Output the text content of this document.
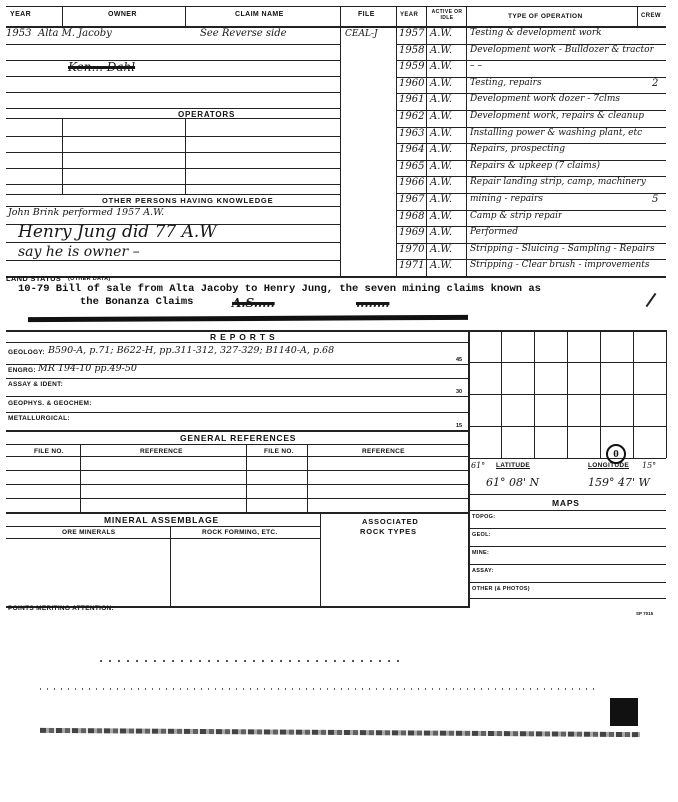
YEAR	OWNER	CLAIM NAME	FILE	YEAR	ACTIVE OR IDLE	TYPE OF OPERATION	CREW
1953 Alta M. Jacoby	See Reverse side	CEAL-J
Ken... Dahl
OPERATORS
OTHER PERSONS HAVING KNOWLEDGE
John Brink performed 1957 A.W.
Henry Jung did 77 A.W
say he is owner –
1957 A.W. Testing & development work
1958 A.W. Development work - Bulldozer & tractor
1959 A.W. – –
1960 A.W. Testing, repairs	2
1961 A.W. Development work dozer - 7clms
1962 A.W. Development work, repairs & cleanup
1963 A.W. Installing power & washing plant, etc
1964 A.W. Repairs, prospecting
1965 A.W. Repairs & upkeep (7 claims)
1966 A.W. Repair landing strip, camp, machinery
1967 A.W. mining - repairs	5
1968 A.W. Camp & strip repair
1969 A.W. Performed
1970 A.W. Stripping - Sluicing - Sampling - Repairs
1971 A.W. Stripping - Clear brush - improvements
LAND STATUS (OTHER DATA)
10-79 Bill of sale from Alta Jacoby to Henry Jung, the seven mining claims known as
the Bonanza Claims	A.S.....	........
R E P O R T S
GEOLOGY: B590-A, p.71; B622-H, pp.311-312, 327-329; B1140-A, p.68
45
ENGRG: MR 194-10 pp.49-50
ASSAY & IDENT:
30
GEOPHYS. & GEOCHEM:
METALLURGICAL:
15
GENERAL REFERENCES
FILE NO.	REFERENCE	FILE NO.	REFERENCE	0
61° LATITUDE	LONGITUDE 15°
61° 08' N	159° 47' W
MAPS
TOPOG:
GEOL:
MINE:
ASSAY:
OTHER (& PHOTOS)
MINERAL ASSEMBLAGE	ASSOCIATED
ROCK TYPES
ORE MINERALS	ROCK FORMING, ETC.
POINTS MERITING ATTENTION:
SP 7015
